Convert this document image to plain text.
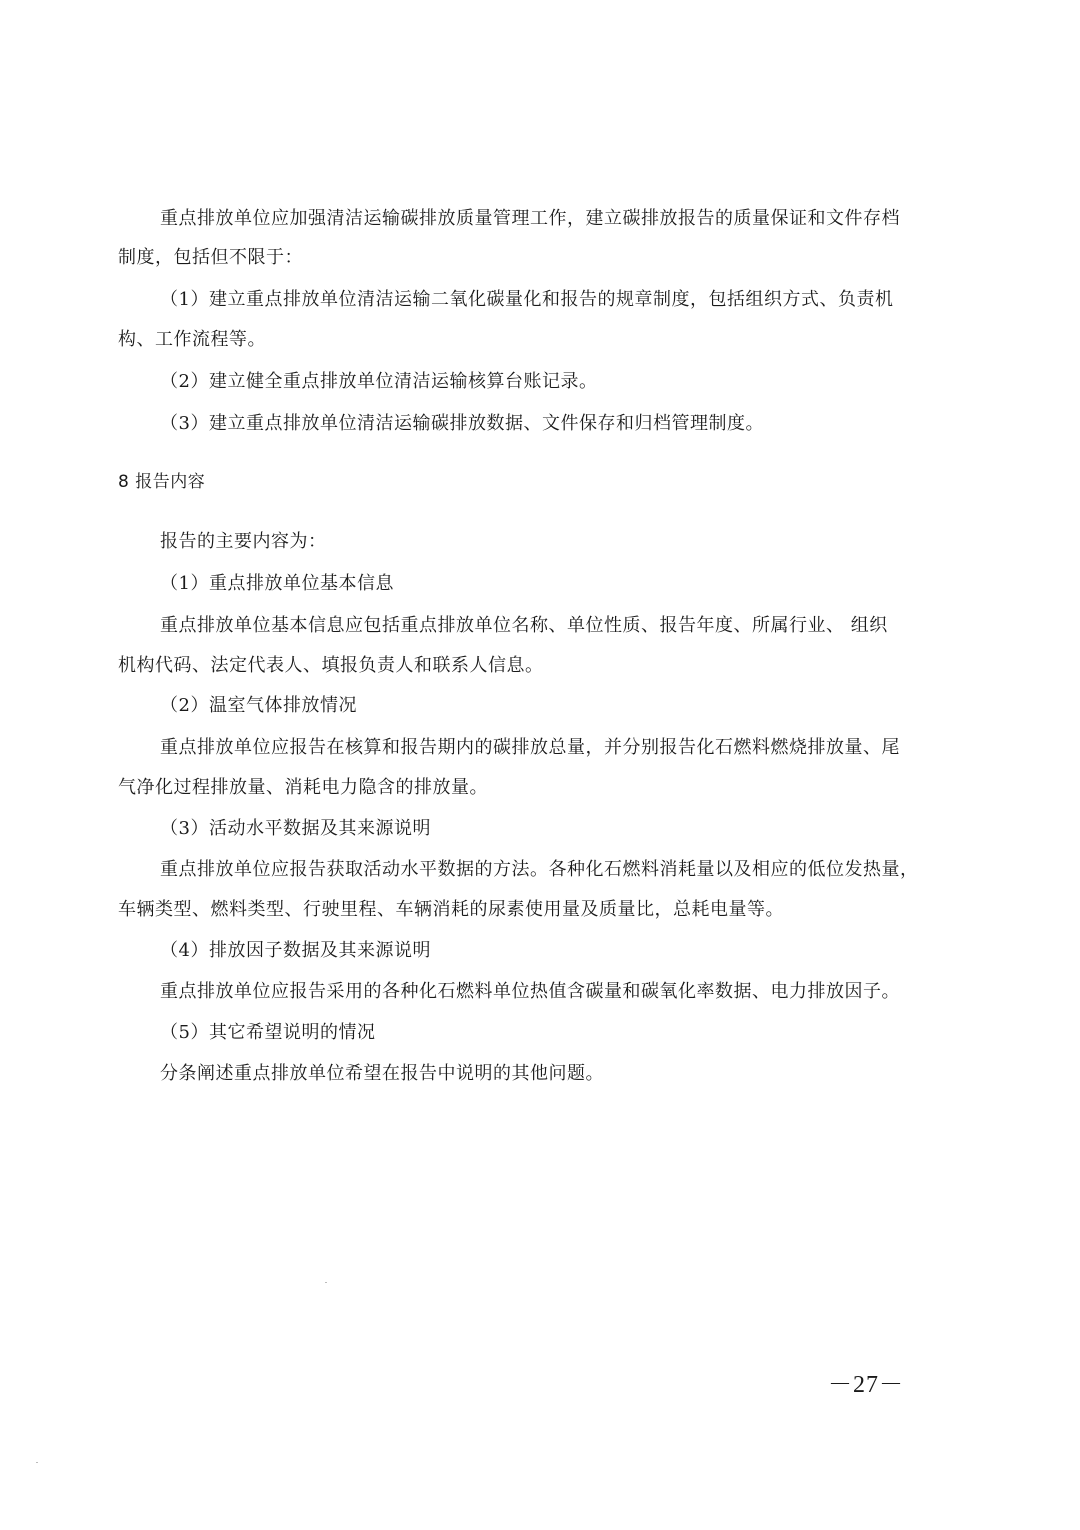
重点排放单位应加强清洁运输碳排放质量管理工作，建立碳排放报告的质量保证和文件存档
制度，包括但不限于：
（1）建立重点排放单位清洁运输二氧化碳量化和报告的规章制度，包括组织方式、负责机
构、工作流程等。
（2）建立健全重点排放单位清洁运输核算台账记录。
（3）建立重点排放单位清洁运输碳排放数据、文件保存和归档管理制度。
8 报告内容
报告的主要内容为：
（1）重点排放单位基本信息
重点排放单位基本信息应包括重点排放单位名称、单位性质、报告年度、所属行业、 组织
机构代码、法定代表人、填报负责人和联系人信息。
（2）温室气体排放情况
重点排放单位应报告在核算和报告期内的碳排放总量，并分别报告化石燃料燃烧排放量、尾
气净化过程排放量、消耗电力隐含的排放量。
（3）活动水平数据及其来源说明
重点排放单位应报告获取活动水平数据的方法。各种化石燃料消耗量以及相应的低位发热量，
车辆类型、燃料类型、行驶里程、车辆消耗的尿素使用量及质量比，总耗电量等。
（4）排放因子数据及其来源说明
重点排放单位应报告采用的各种化石燃料单位热值含碳量和碳氧化率数据、电力排放因子。
（5）其它希望说明的情况
分条阐述重点排放单位希望在报告中说明的其他问题。
－27－
